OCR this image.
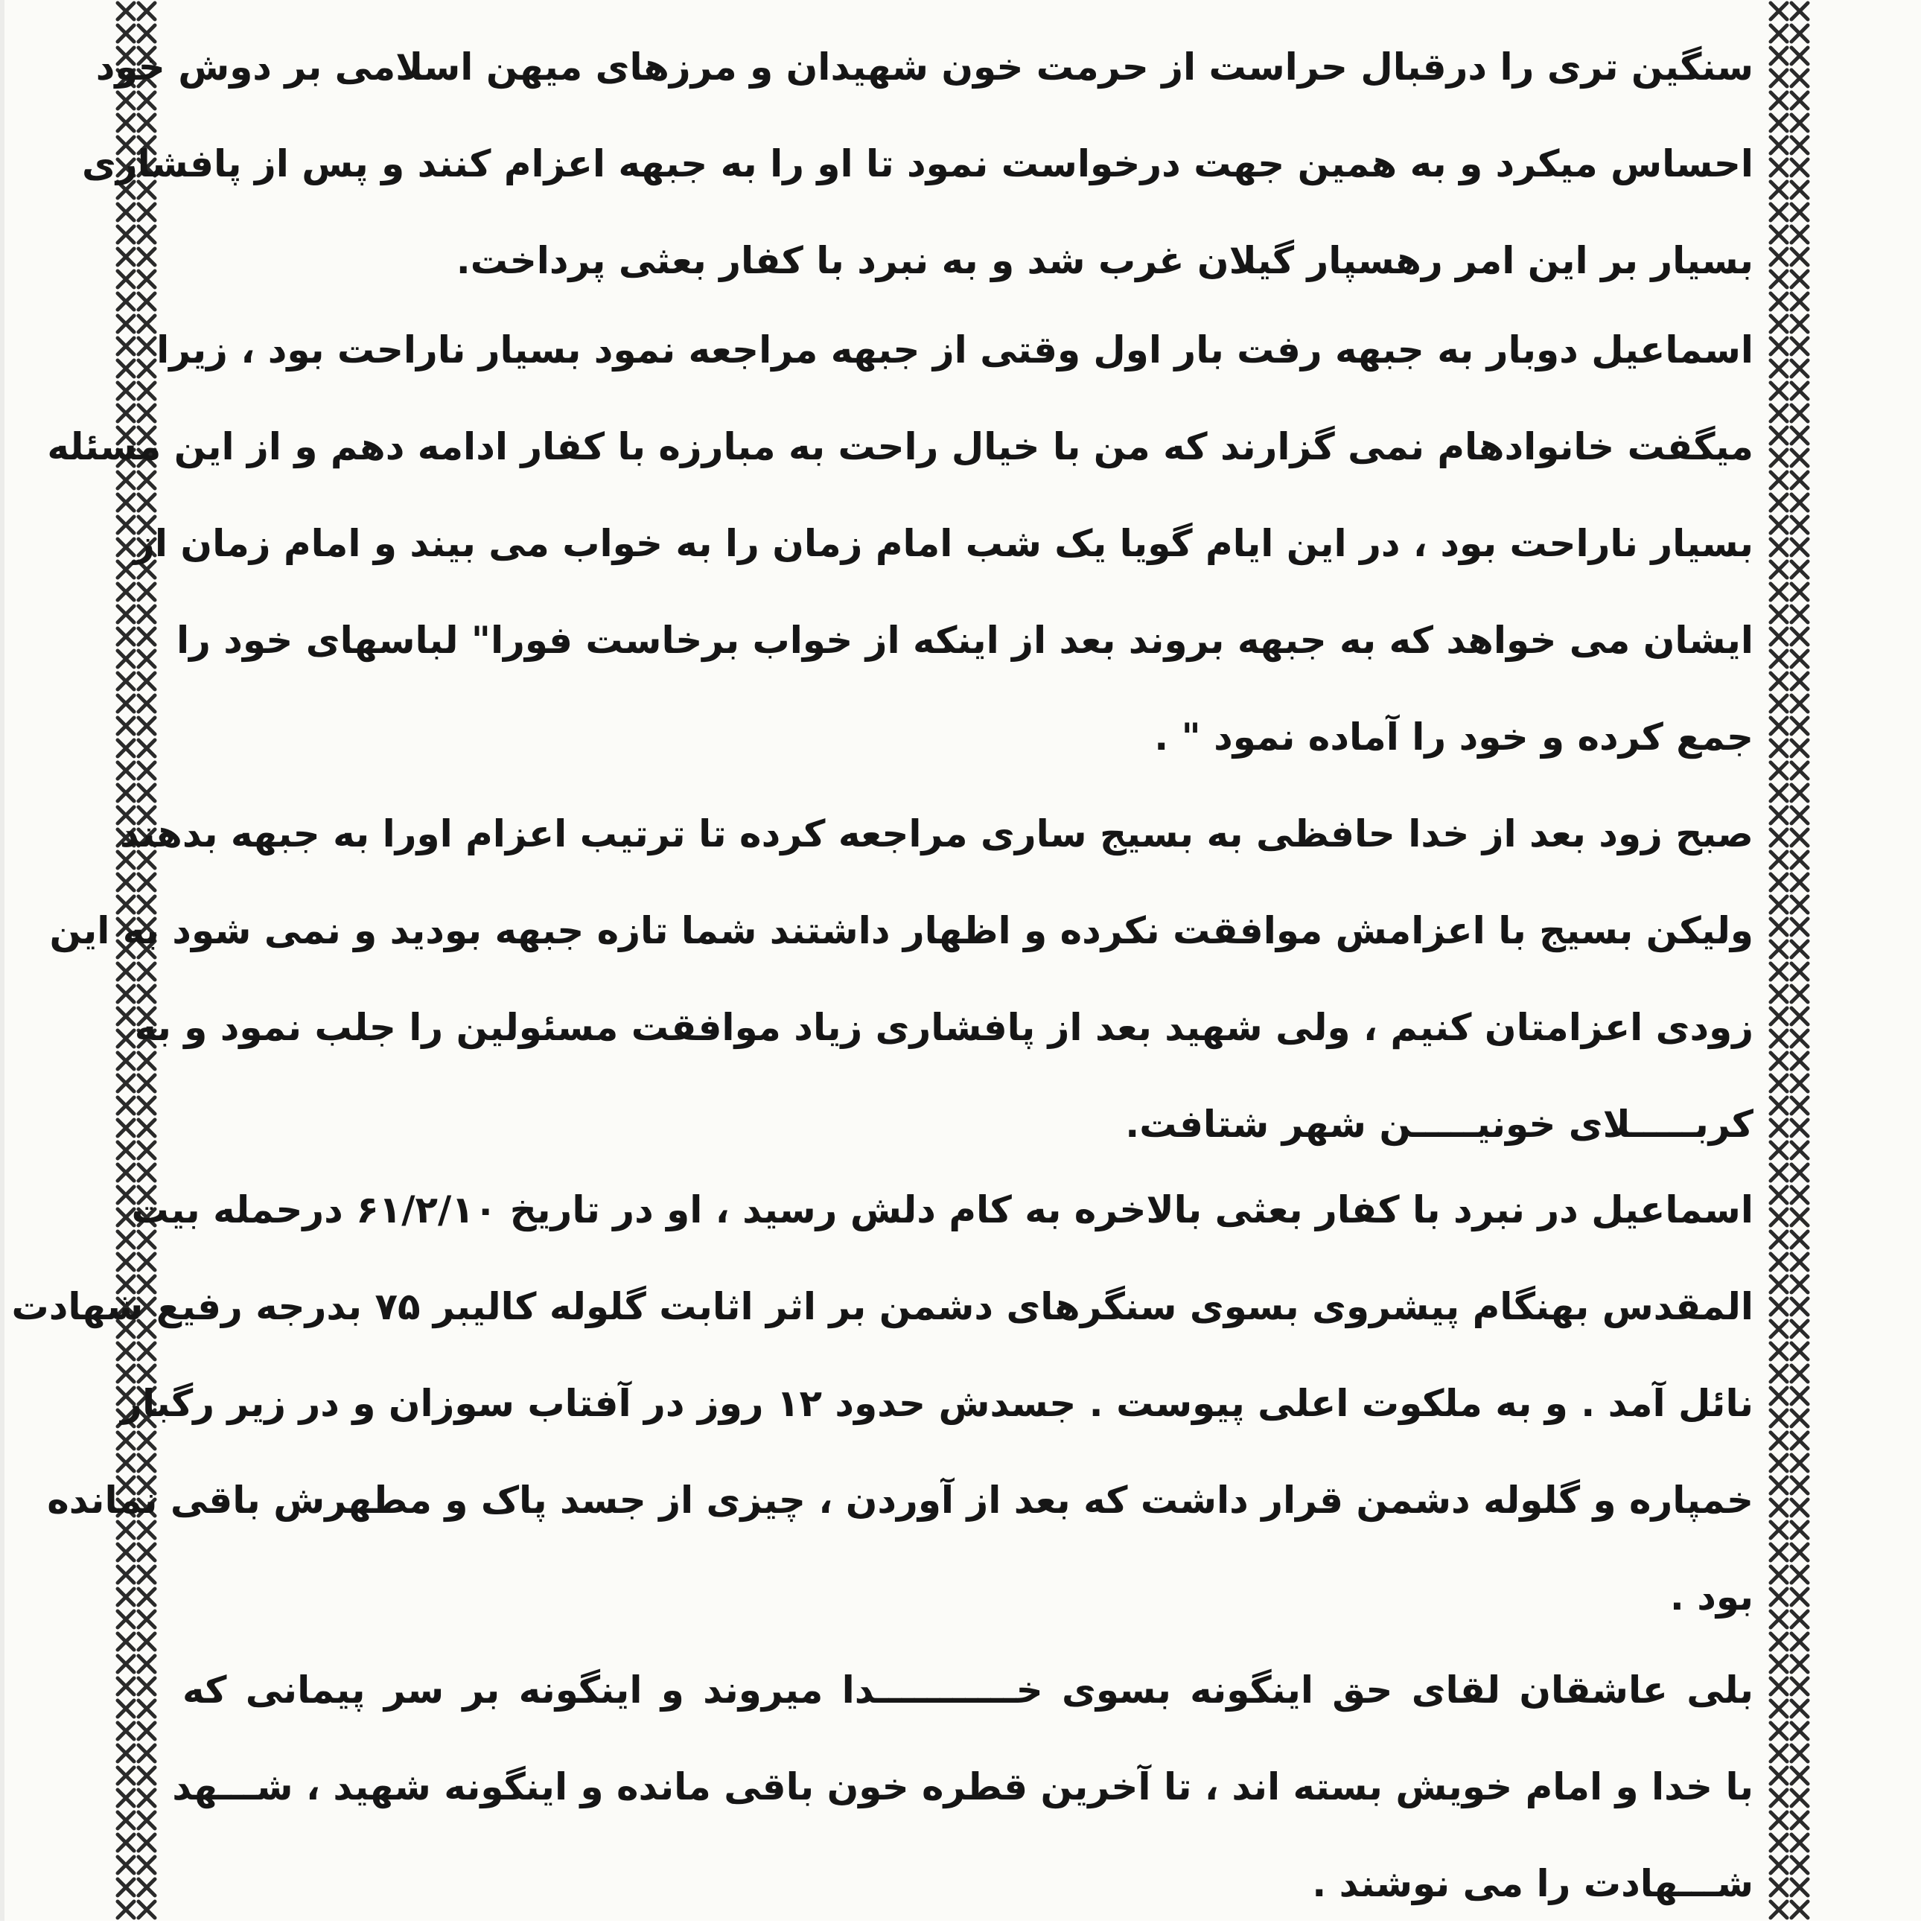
سنگین تری را درقبال حراست از حرمت خون شهیدان و مرزهای میهن اسلامی بر دوش خود
احساس میکرد و به همین جهت درخواست نمود تا او را به جبهه اعزام کنند و پس از پافشاری
بسیار بر این امر رهسپار گیلان غرب شد و به نبرد با کفار بعثی پرداخت.
اسماعیل دوبار به جبهه رفت بار اول وقتی از جبهه مراجعه نمود بسیار ناراحت بود ، زیرا
میگفت خانوادهام نمی گزارند که من با خیال راحت به مبارزه با کفار ادامه دهم و از این مسئله
بسیار ناراحت بود ، در این ایام گویا یک شب امام زمان را به خواب می بیند و امام زمان از
ایشان می خواهد که به جبهه بروند بعد از اینکه از خواب برخاست فورا" لباسهای خود را
جمع کرده و خود را آماده نمود " .
صبح زود بعد از خدا حافظی به بسیج ساری مراجعه کرده تا ترتیب اعزام اورا به جبهه بدهند
ولیکن بسیج با اعزامش موافقت نکرده و اظهار داشتند شما تازه جبهه بودید و نمی شود به این
زودی اعزامتان کنیم ، ولی شهید بعد از پافشاری زیاد موافقت مسئولین را جلب نمود و به
کربـــــلای خونیـــــن شهر شتافت.
اسماعیل در نبرد با کفار بعثی بالاخره به کام دلش رسید ، او در تاریخ ۶۱/۲/۱۰ درحمله بیت
المقدس بهنگام پیشروی بسوی سنگرهای دشمن بر اثر اثابت گلوله کالیبر ۷۵ بدرجه رفیع شهادت
نائل آمد . و به ملکوت اعلی پیوست . جسدش حدود ۱۲ روز در آفتاب سوزان و در زیر رگبار
خمپاره و گلوله دشمن قرار داشت که بعد از آوردن ، چیزی از جسد پاک و مطهرش باقی نمانده
بود .
بلی عاشقان لقای حق اینگونه بسوی خـــــــــــدا میروند و اینگونه بر سر پیمانی که
با خدا و امام خویش بسته اند ، تا آخرین قطره خون باقی مانده و اینگونه شهید ، شـــهد
شـــهادت را می نوشند .
